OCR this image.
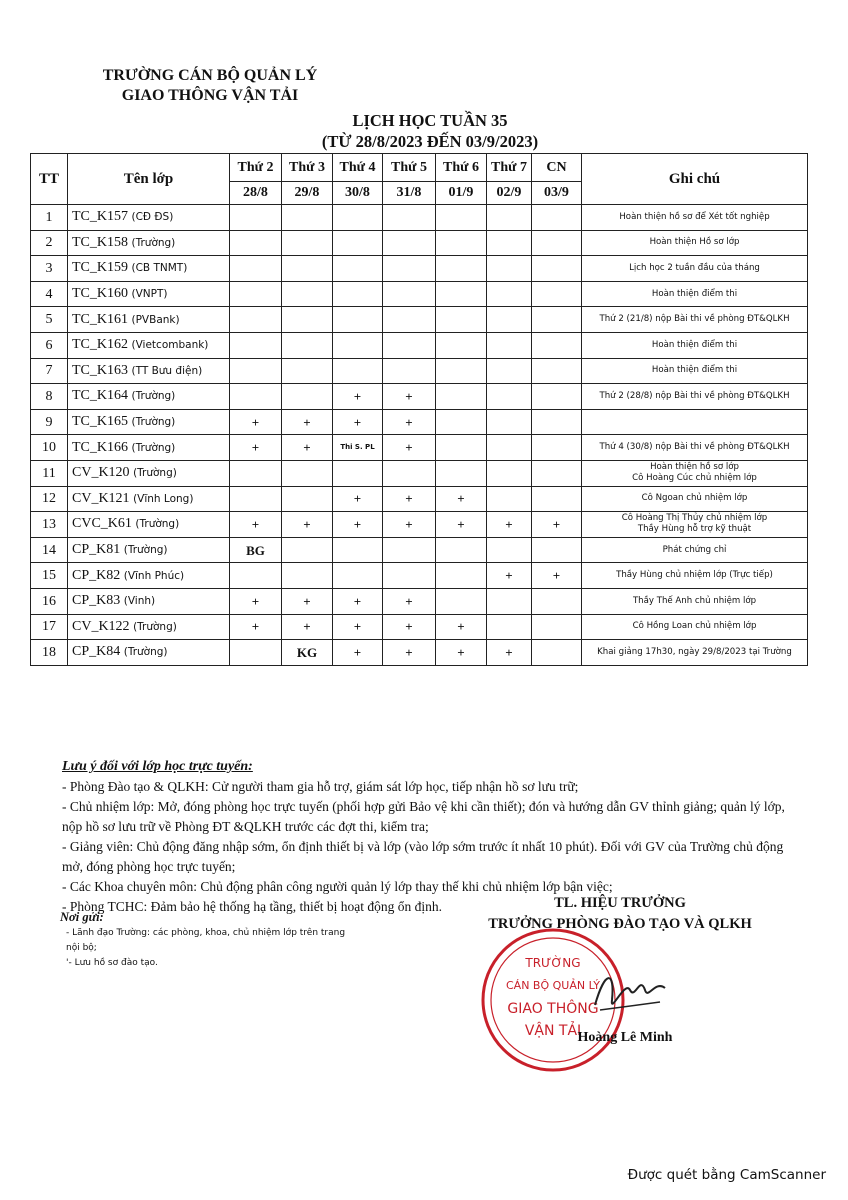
TRƯỜNG CÁN BỘ QUẢN LÝ
GIAO THÔNG VẬN TẢI
LỊCH HỌC TUẦN 35
(TỪ 28/8/2023 ĐẾN 03/9/2023)
TT	Tên lớp	Thứ 2	Thứ 3	Thứ 4	Thứ 5	Thứ 6	Thứ 7	CN	Ghi chú
		28/8	29/8	30/8	31/8	01/9	02/9	03/9	
1	TC_K157 (CĐ ĐS)								Hoàn thiện hồ sơ để Xét tốt nghiệp
2	TC_K158 (Trường)								Hoàn thiện Hồ sơ lớp
3	TC_K159 (CB TNMT)								Lịch học 2 tuần đầu của tháng
4	TC_K160 (VNPT)								Hoàn thiện điểm thi
5	TC_K161 (PVBank)								Thứ 2 (21/8) nộp Bài thi về phòng ĐT&QLKH
6	TC_K162 (Vietcombank)								Hoàn thiện điểm thi
7	TC_K163 (TT Bưu điện)								Hoàn thiện điểm thi
8	TC_K164 (Trường)			+	+				Thứ 2 (28/8) nộp Bài thi về phòng ĐT&QLKH
9	TC_K165 (Trường)	+	+	+	+				
10	TC_K166 (Trường)	+	+	Thi S. PL	+				Thứ 4 (30/8) nộp Bài thi về phòng ĐT&QLKH
11	CV_K120 (Trường)								Hoàn thiện hồ sơ lớp
Cô Hoàng Cúc chủ nhiệm lớp
12	CV_K121 (Vĩnh Long)			+	+	+			Cô Ngoan chủ nhiệm lớp
13	CVC_K61 (Trường)	+	+	+	+	+	+	+	Cô Hoàng Thị Thủy chủ nhiệm lớp
Thầy Hùng hỗ trợ kỹ thuật
14	CP_K81 (Trường)	BG							Phát chứng chỉ
15	CP_K82 (Vĩnh Phúc)						+	+	Thầy Hùng chủ nhiệm lớp (Trực tiếp)
16	CP_K83 (Vinh)	+	+	+	+				Thầy Thế Anh chủ nhiệm lớp
17	CV_K122 (Trường)	+	+	+	+	+			Cô Hồng Loan chủ nhiệm lớp
18	CP_K84 (Trường)		KG	+	+	+	+		Khai giảng 17h30, ngày 29/8/2023 tại Trường
Lưu ý đối với lớp học trực tuyến:
- Phòng Đào tạo & QLKH: Cử người tham gia hỗ trợ, giám sát lớp học, tiếp nhận hồ sơ lưu trữ;
- Chủ nhiệm lớp: Mở, đóng phòng học trực tuyến (phối hợp gửi Bảo vệ khi cần thiết); đón và hướng dẫn GV thỉnh giảng; quản lý lớp, nộp hồ sơ lưu trữ về Phòng ĐT &QLKH trước các đợt thi, kiểm tra;
- Giảng viên: Chủ động đăng nhập sớm, ổn định thiết bị và lớp (vào lớp sớm trước ít nhất 10 phút). Đối với GV của Trường chủ động mở, đóng phòng học trực tuyến;
- Các Khoa chuyên môn: Chủ động phân công người quản lý lớp thay thế khi chủ nhiệm lớp bận việc;
- Phòng TCHC: Đảm bảo hệ thống hạ tầng, thiết bị hoạt động ổn định.
Nơi gửi:
- Lãnh đạo Trường: các phòng, khoa, chủ nhiệm lớp trên trang nội bộ;
'- Lưu hồ sơ đào tạo.
TL. HIỆU TRƯỞNG
TRƯỞNG PHÒNG ĐÀO TẠO VÀ QLKH
TRƯỜNG
CÁN BỘ QUẢN LÝ
GIAO THÔNG
VẬN TẢI
Hoàng Lê Minh
Được quét bằng CamScanner
